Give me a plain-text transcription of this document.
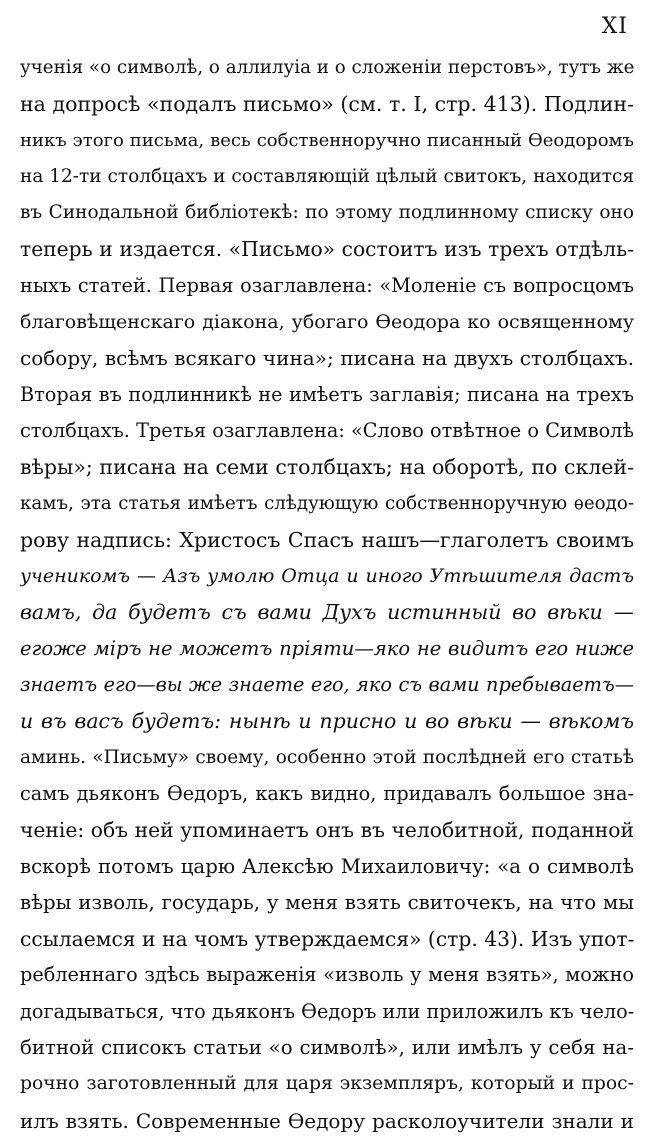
XI
ученія «о символѣ, о аллилуіа и о сложеніи перстовъ», тутъ же
на допросѣ «подалъ письмо» (см. т. I, стр. 413). Подлин-
никъ этого письма, весь собственноручно писанный Ѳеодоромъ
на 12-ти столбцахъ и составляющій цѣлый свитокъ, находится
въ Синодальной библіотекѣ: по этому подлинному списку оно
теперь и издается. «Письмо» состоитъ изъ трехъ отдѣль-
ныхъ статей. Первая озаглавлена: «Моленіе съ вопросцомъ
благовѣщенскаго діакона, убогаго Ѳеодора ко освященному
собору, всѣмъ всякаго чина»; писана на двухъ столбцахъ.
Вторая въ подлинникѣ не имѣетъ заглавія; писана на трехъ
столбцахъ. Третья озаглавлена: «Слово отвѣтное о Символѣ
вѣры»; писана на семи столбцахъ; на оборотѣ, по склей-
камъ, эта статья имѣетъ слѣдующую собственноручную ѳеодо-
рову надпись: Христосъ Спасъ нашъ—глаголетъ своимъ
ученикомъ — Азъ умолю Отца и иного Утѣшителя дастъ
вамъ, да будетъ съ вами Духъ истинный во вѣки —
егоже міръ не можетъ пріяти—яко не видитъ его ниже
знаетъ его—вы же знаете его, яко съ вами пребываетъ—
и въ васъ будетъ: нынѣ и присно и во вѣки — вѣкомъ
аминь. «Письму» своему, особенно этой послѣдней его статьѣ
самъ дьяконъ Ѳедоръ, какъ видно, придавалъ большое зна-
ченіе: объ ней упоминаетъ онъ въ челобитной, поданной
вскорѣ потомъ царю Алексѣю Михаиловичу: «а о символѣ
вѣры изволь, государь, у меня взять свиточекъ, на что мы
ссылаемся и на чомъ утверждаемся» (стр. 43). Изъ упот-
ребленнаго здѣсь выраженія «изволь у меня взять», можно
догадываться, что дьяконъ Ѳедоръ или приложилъ къ чело-
битной списокъ статьи «о символѣ», или имѣлъ у себя на-
рочно заготовленный для царя экземпляръ, который и прос-
илъ взять. Современные Ѳедору расколоучители знали и
